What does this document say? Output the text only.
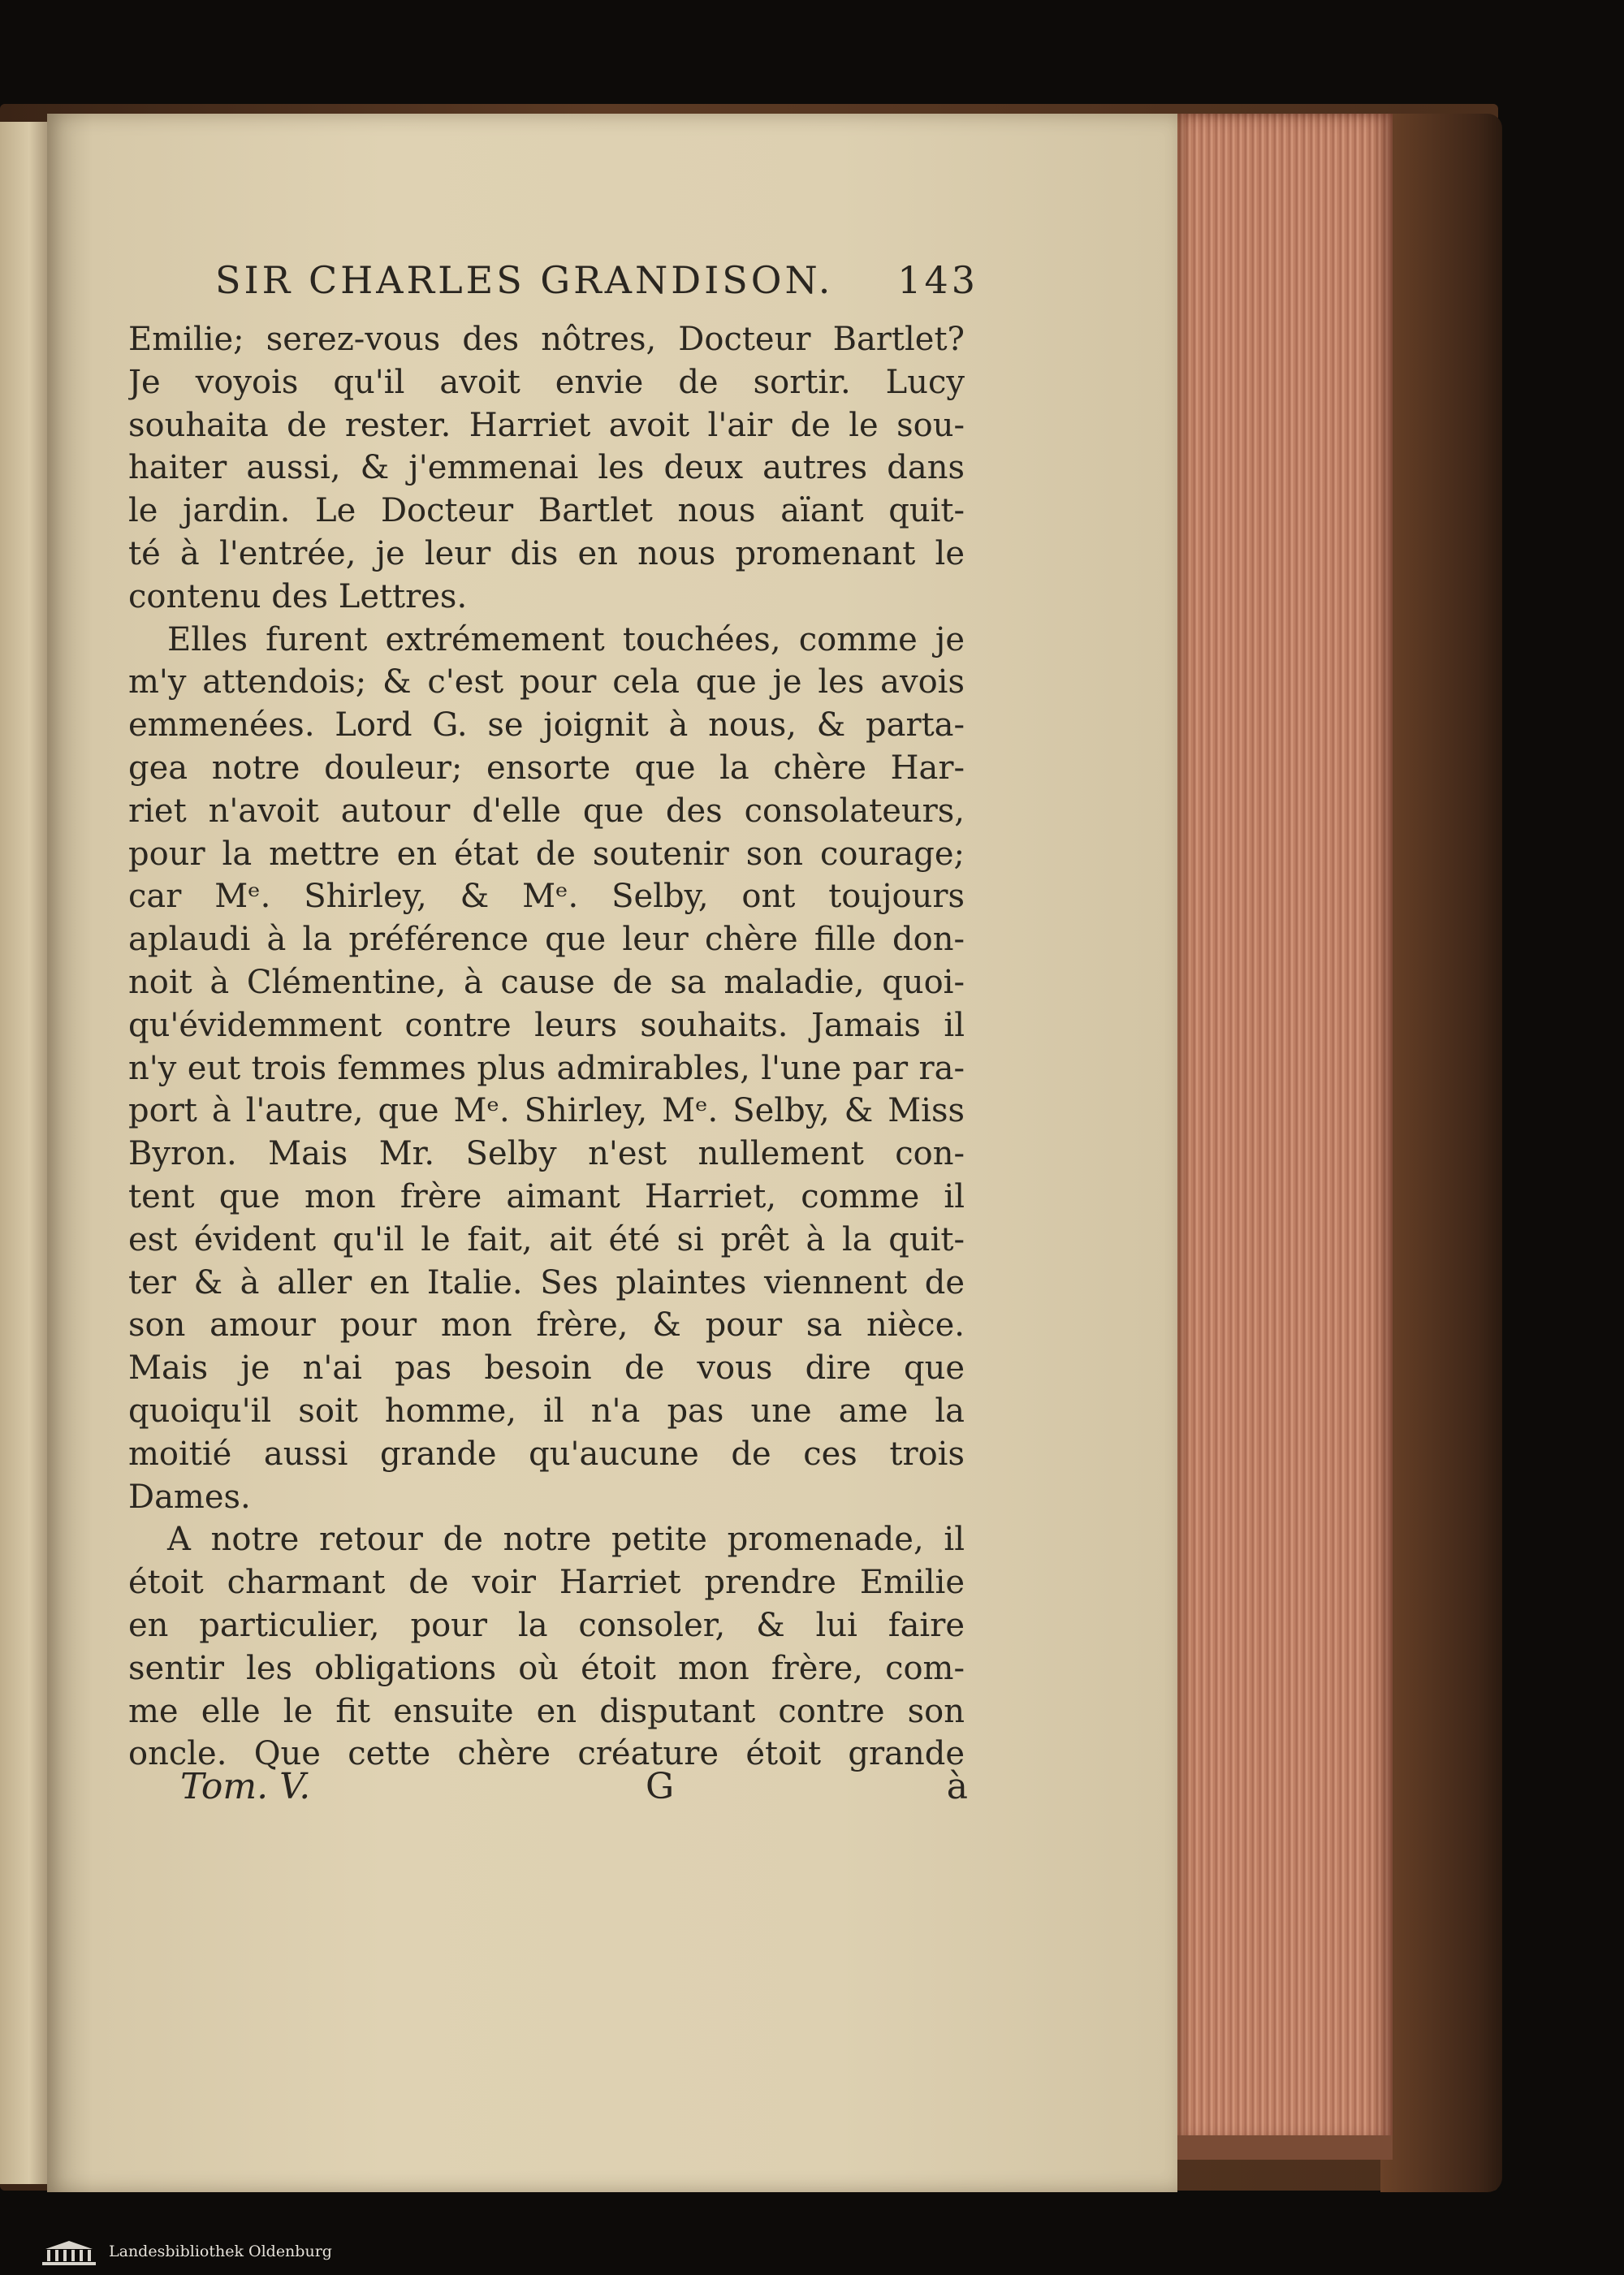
SIR CHARLES GRANDISON. 143
Emilie; serez-vous des nôtres, Docteur Bartlet?
Je voyois qu'il avoit envie de sortir. Lucy
souhaita de rester. Harriet avoit l'air de le sou-
haiter aussi, & j'emmenai les deux autres dans
le jardin. Le Docteur Bartlet nous aïant quit-
té à l'entrée, je leur dis en nous promenant le
contenu des Lettres.
Elles furent extrémement touchées, comme je
m'y attendois; & c'est pour cela que je les avois
emmenées. Lord G. se joignit à nous, & parta-
gea notre douleur; ensorte que la chère Har-
riet n'avoit autour d'elle que des consolateurs,
pour la mettre en état de soutenir son courage;
car Mᵉ. Shirley, & Mᵉ. Selby, ont toujours
aplaudi à la préférence que leur chère fille don-
noit à Clémentine, à cause de sa maladie, quoi-
qu'évidemment contre leurs souhaits. Jamais il
n'y eut trois femmes plus admirables, l'une par ra-
port à l'autre, que Mᵉ. Shirley, Mᵉ. Selby, & Miss
Byron. Mais Mr. Selby n'est nullement con-
tent que mon frère aimant Harriet, comme il
est évident qu'il le fait, ait été si prêt à la quit-
ter & à aller en Italie. Ses plaintes viennent de
son amour pour mon frère, & pour sa nièce.
Mais je n'ai pas besoin de vous dire que
quoiqu'il soit homme, il n'a pas une ame la
moitié aussi grande qu'aucune de ces trois
Dames.
A notre retour de notre petite promenade, il
étoit charmant de voir Harriet prendre Emilie
en particulier, pour la consoler, & lui faire
sentir les obligations où étoit mon frère, com-
me elle le fit ensuite en disputant contre son
oncle. Que cette chère créature étoit grande
Tom. V.	G	à
Landesbibliothek Oldenburg
